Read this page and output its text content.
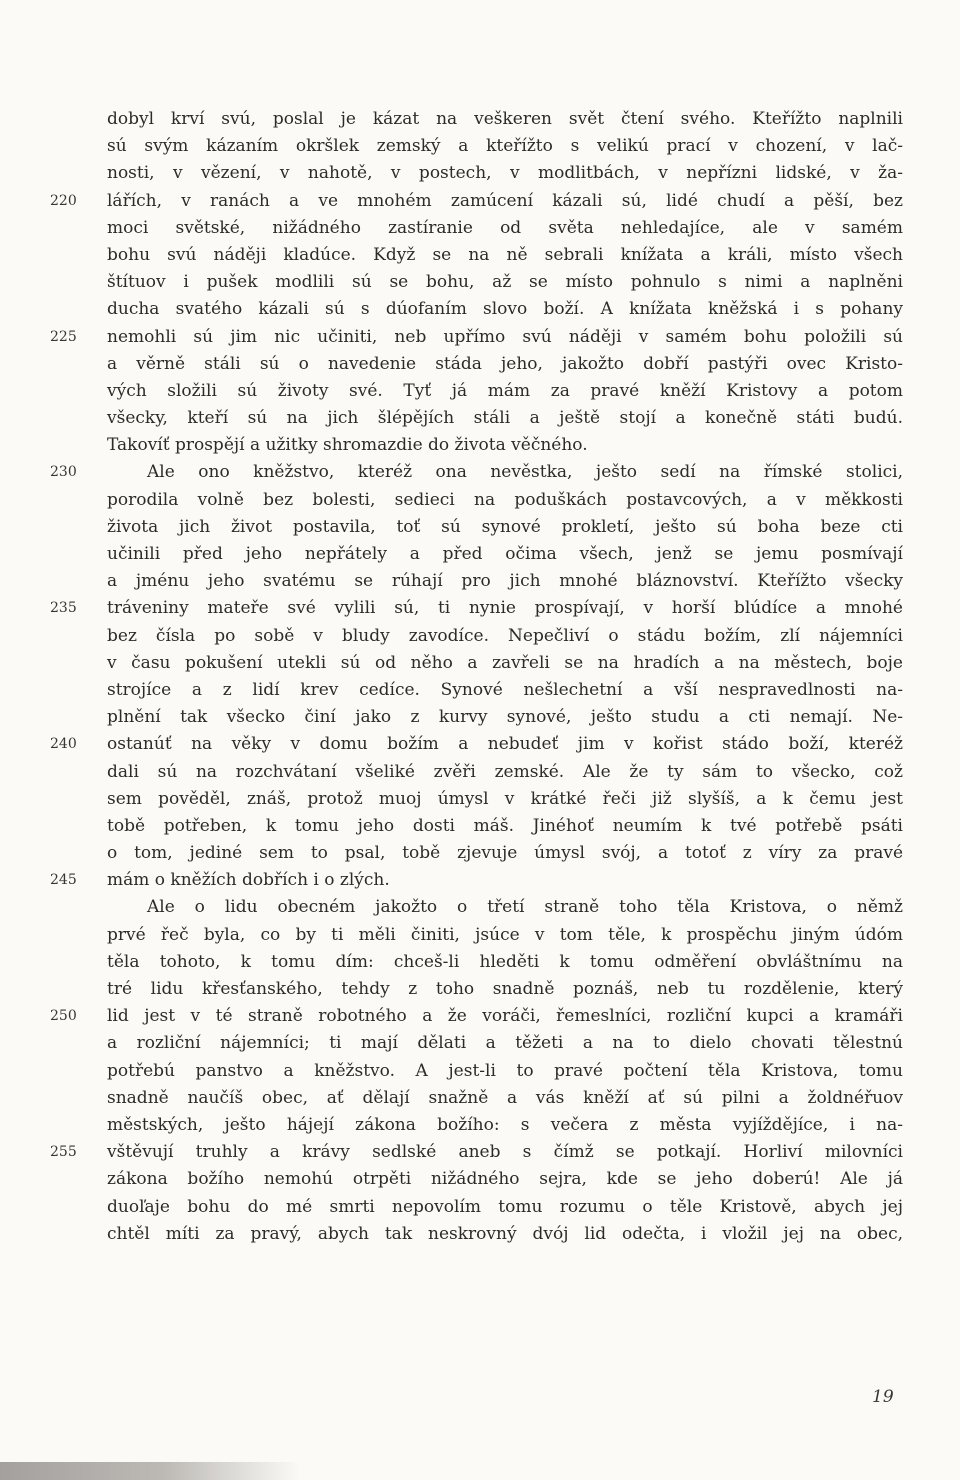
dobyl krví svú, poslal je kázat na veškeren svět čtení svého. Kteřížto naplnili
sú svým kázaním okršlek zemský a kteřížto s velikú prací v chození, v lač-
nosti, v vězení, v nahotě, v postech, v modlitbách, v nepřízni lidské, v ža-
lářích, v ranách a ve mnohém zamúcení kázali sú, lidé chudí a pěší, bez
220
moci světské, nižádného zastíranie od světa nehledajíce, ale v samém
bohu svú náději kladúce. Když se na ně sebrali knížata a králi, místo všech
štítuov i pušek modlili sú se bohu, až se místo pohnulo s nimi a naplněni
ducha svatého kázali sú s dúofaním slovo boží. A knížata kněžská i s pohany
nemohli sú jim nic učiniti, neb upřímo svú náději v samém bohu položili sú
225
a věrně stáli sú o navedenie stáda jeho, jakožto dobří pastýři ovec Kristo-
vých složili sú životy své. Tyť já mám za pravé kněží Kristovy a potom
všecky, kteří sú na jich šlépějích stáli a ještě stojí a konečně státi budú.
Takovíť prospějí a užitky shromazdie do života věčného.
Ale ono kněžstvo, kteréž ona nevěstka, ješto sedí na římské stolici,
230
porodila volně bez bolesti, sedieci na poduškách postavcových, a v měkkosti
života jich život postavila, toť sú synové prokletí, ješto sú boha beze cti
učinili před jeho nepřátely a před očima všech, jenž se jemu posmívají
a jménu jeho svatému se rúhají pro jich mnohé bláznovství. Kteřížto všecky
tráveniny mateře své vylili sú, ti nynie prospívají, v horší blúdíce a mnohé
235
bez čísla po sobě v bludy zavodíce. Nepečliví o stádu božím, zlí nájemníci
v času pokušení utekli sú od něho a zavřeli se na hradích a na městech, boje
strojíce a z lidí krev cedíce. Synové nešlechetní a vší nespravedlnosti na-
plnění tak všecko činí jako z kurvy synové, ješto studu a cti nemají. Ne-
ostanúť na věky v domu božím a nebudeť jim v kořist stádo boží, kteréž
240
dali sú na rozchvátaní všeliké zvěři zemské. Ale že ty sám to všecko, což
sem pověděl, znáš, protož muoj úmysl v krátké řeči již slyšíš, a k čemu jest
tobě potřeben, k tomu jeho dosti máš. Jinéhoť neumím k tvé potřebě psáti
o tom, jediné sem to psal, tobě zjevuje úmysl svój, a totoť z víry za pravé
mám o kněžích dobřích i o zlých.
245
Ale o lidu obecném jakožto o třetí straně toho těla Kristova, o němž
prvé řeč byla, co by ti měli činiti, jsúce v tom těle, k prospěchu jiným údóm
těla tohoto, k tomu dím: chceš-li hleděti k tomu odměření obvláštnímu na
tré lidu křesťanského, tehdy z toho snadně poznáš, neb tu rozdělenie, který
lid jest v té straně robotného a že voráči, řemeslníci, rozliční kupci a kramáři
250
a rozliční nájemníci; ti mají dělati a těžeti a na to dielo chovati tělestnú
potřebú panstvo a kněžstvo. A jest-li to pravé počtení těla Kristova, tomu
snadně naučíš obec, ať dělají snažně a vás kněží ať sú pilni a žoldnéřuov
městských, ješto hájejí zákona božího: s večera z města vyjíždějíce, i na-
vštěvují truhly a krávy sedlské aneb s čímž se potkají. Horliví milovníci
255
zákona božího nemohú otrpěti nižádného sejra, kde se jeho doberú! Ale já
duoľaje bohu do mé smrti nepovolím tomu rozumu o těle Kristově, abych jej
chtěl míti za pravý, abych tak neskrovný dvój lid odečta, i vložil jej na obec,
19
